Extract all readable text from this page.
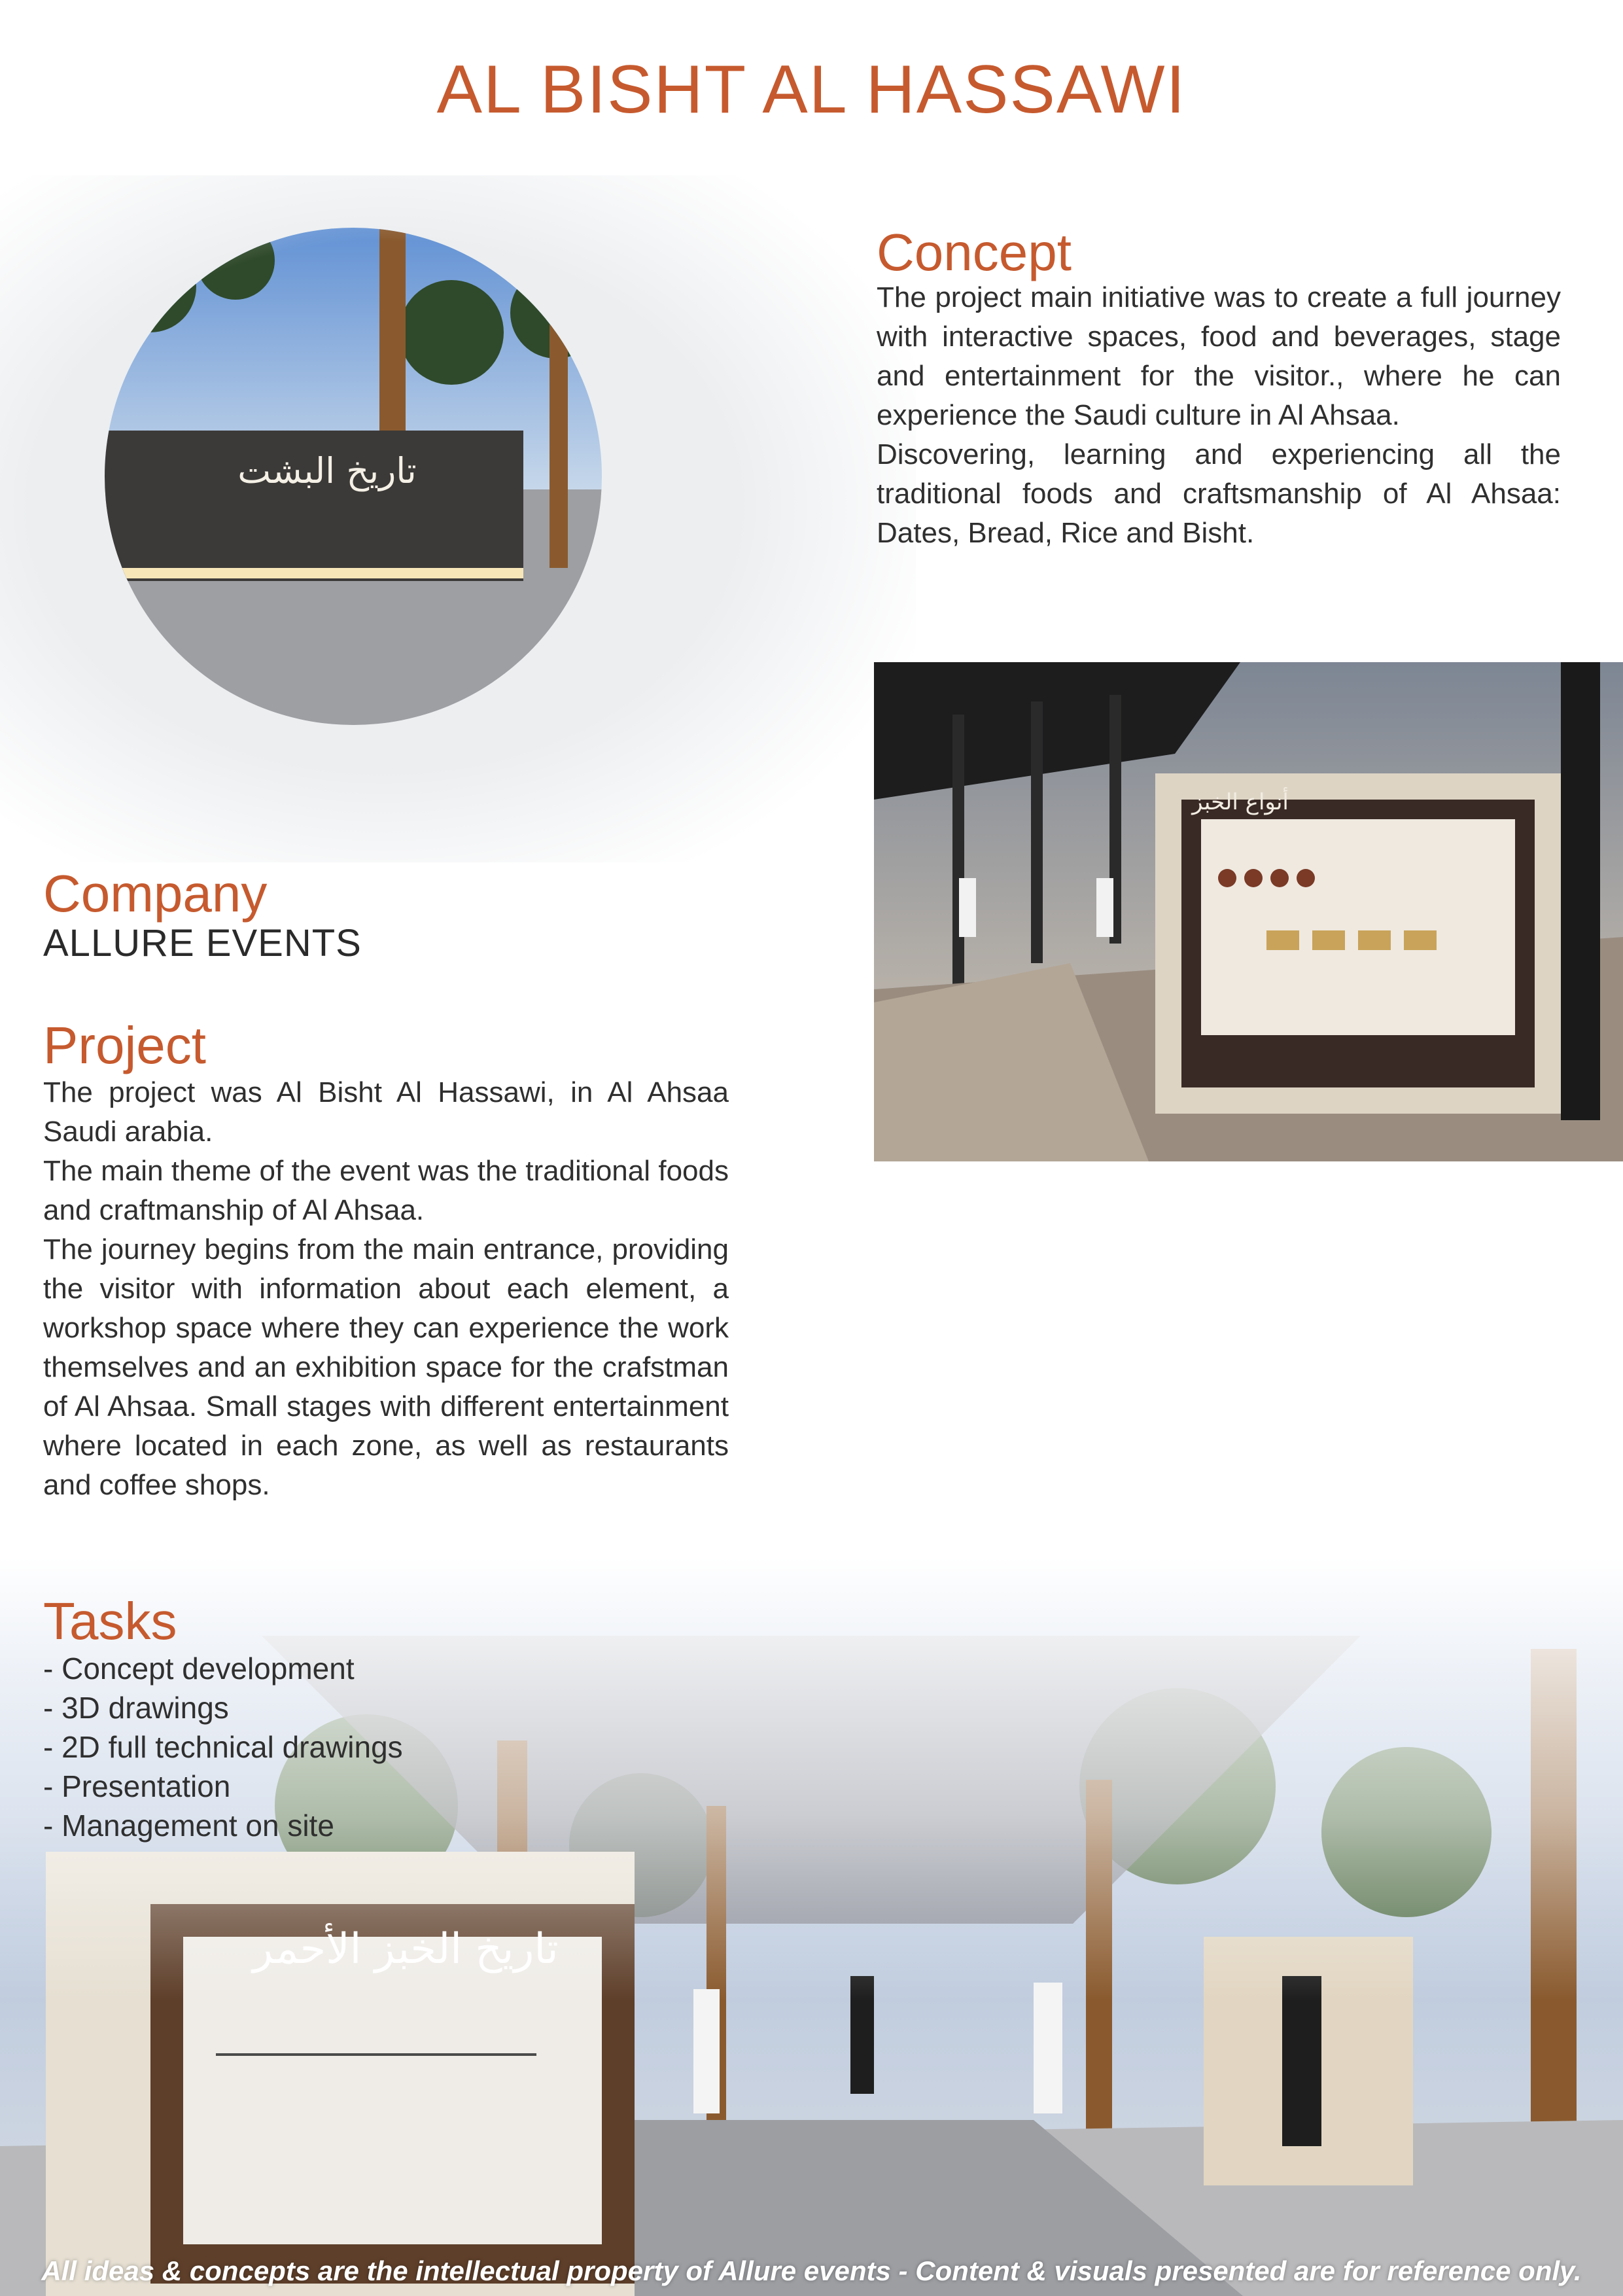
AL BISHT AL HASSAWI
Concept

The project main initiative was to create a full journey with interactive spaces, food and beverages, stage and entertainment for the visitor., where he can experience the Saudi culture in Al Ahsaa.

Discovering, learning and experiencing all the traditional foods and craftsmanship of Al Ahsaa: Dates, Bread, Rice and Bisht.

أنواع الخبز
Company

ALLURE EVENTS

Project

The project was Al Bisht Al Hassawi, in Al Ahsaa Saudi arabia.

The main theme of the event was the traditional foods and craftmanship of Al Ahsaa.

The journey begins from the main entrance, providing the visitor with information about each element, a workshop space where they can experience the work themselves and an exhibition space for the crafstman of Al Ahsaa. Small stages with different entertainment where located in each zone, as well as restaurants and coffee shops.

Tasks
- Concept development
- 3D drawings
- 2D full technical drawings
- Presentation
- Management on site
All ideas & concepts are the intellectual property of Allure events - Content & visuals presented are for reference only.
